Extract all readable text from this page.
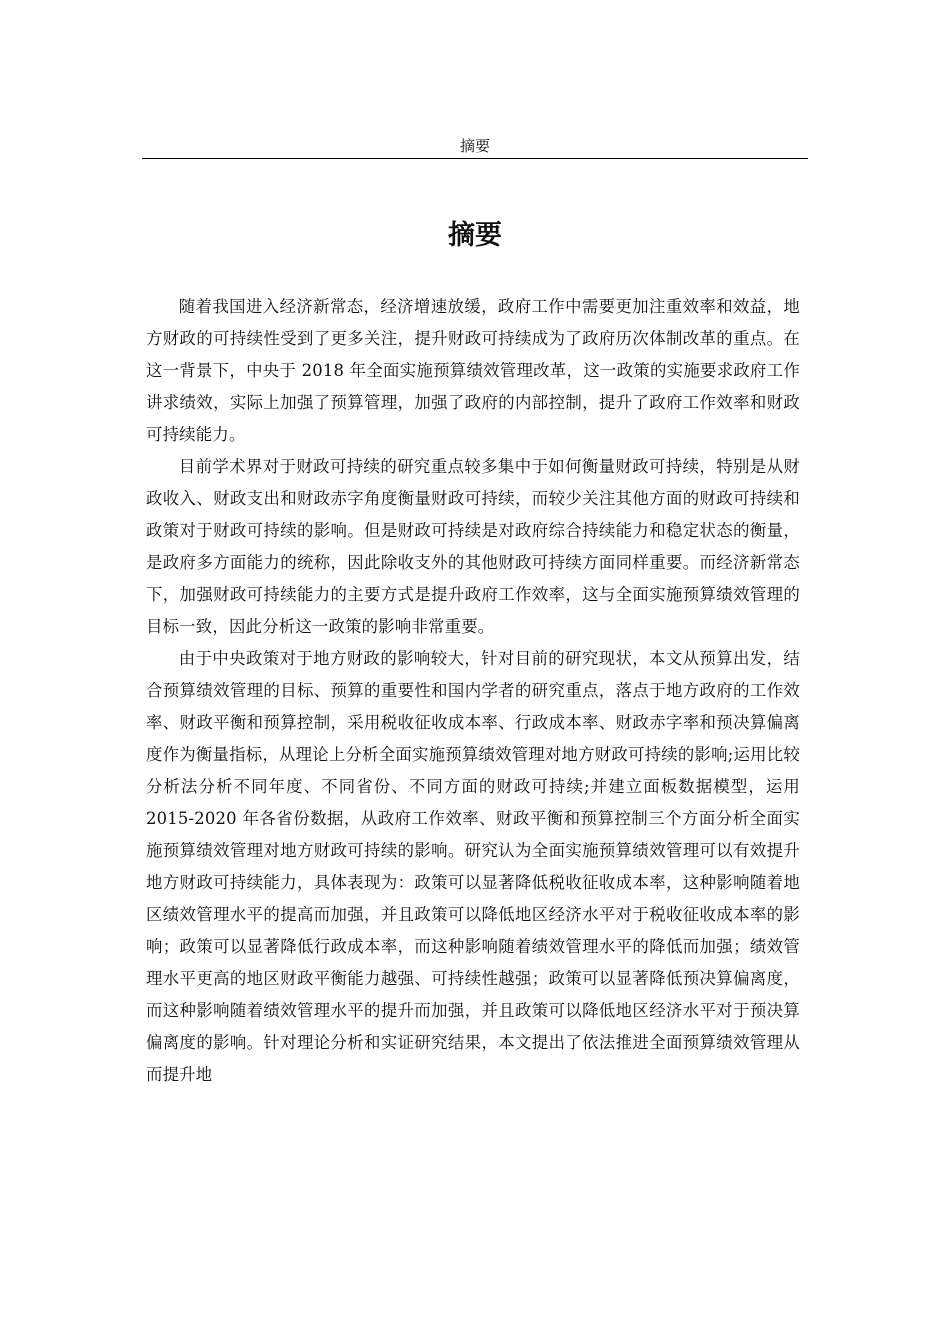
摘要
摘要

随着我国进入经济新常态，经济增速放缓，政府工作中需要更加注重效率和效益，地方财政的可持续性受到了更多关注，提升财政可持续成为了政府历次体制改革的重点。在这一背景下，中央于 2018 年全面实施预算绩效管理改革，这一政策的实施要求政府工作讲求绩效，实际上加强了预算管理，加强了政府的内部控制，提升了政府工作效率和财政可持续能力。

目前学术界对于财政可持续的研究重点较多集中于如何衡量财政可持续，特别是从财政收入、财政支出和财政赤字角度衡量财政可持续，而较少关注其他方面的财政可持续和政策对于财政可持续的影响。但是财政可持续是对政府综合持续能力和稳定状态的衡量，是政府多方面能力的统称，因此除收支外的其他财政可持续方面同样重要。而经济新常态下，加强财政可持续能力的主要方式是提升政府工作效率，这与全面实施预算绩效管理的目标一致，因此分析这一政策的影响非常重要。

由于中央政策对于地方财政的影响较大，针对目前的研究现状，本文从预算出发，结合预算绩效管理的目标、预算的重要性和国内学者的研究重点，落点于地方政府的工作效率、财政平衡和预算控制，采用税收征收成本率、行政成本率、财政赤字率和预决算偏离度作为衡量指标，从理论上分析全面实施预算绩效管理对地方财政可持续的影响;运用比较分析法分析不同年度、不同省份、不同方面的财政可持续;并建立面板数据模型，运用 2015-2020 年各省份数据，从政府工作效率、财政平衡和预算控制三个方面分析全面实施预算绩效管理对地方财政可持续的影响。研究认为全面实施预算绩效管理可以有效提升地方财政可持续能力，具体表现为：政策可以显著降低税收征收成本率，这种影响随着地区绩效管理水平的提高而加强，并且政策可以降低地区经济水平对于税收征收成本率的影响；政策可以显著降低行政成本率，而这种影响随着绩效管理水平的降低而加强；绩效管理水平更高的地区财政平衡能力越强、可持续性越强；政策可以显著降低预决算偏离度，而这种影响随着绩效管理水平的提升而加强，并且政策可以降低地区经济水平对于预决算偏离度的影响。针对理论分析和实证研究结果，本文提出了依法推进全面预算绩效管理从而提升地
